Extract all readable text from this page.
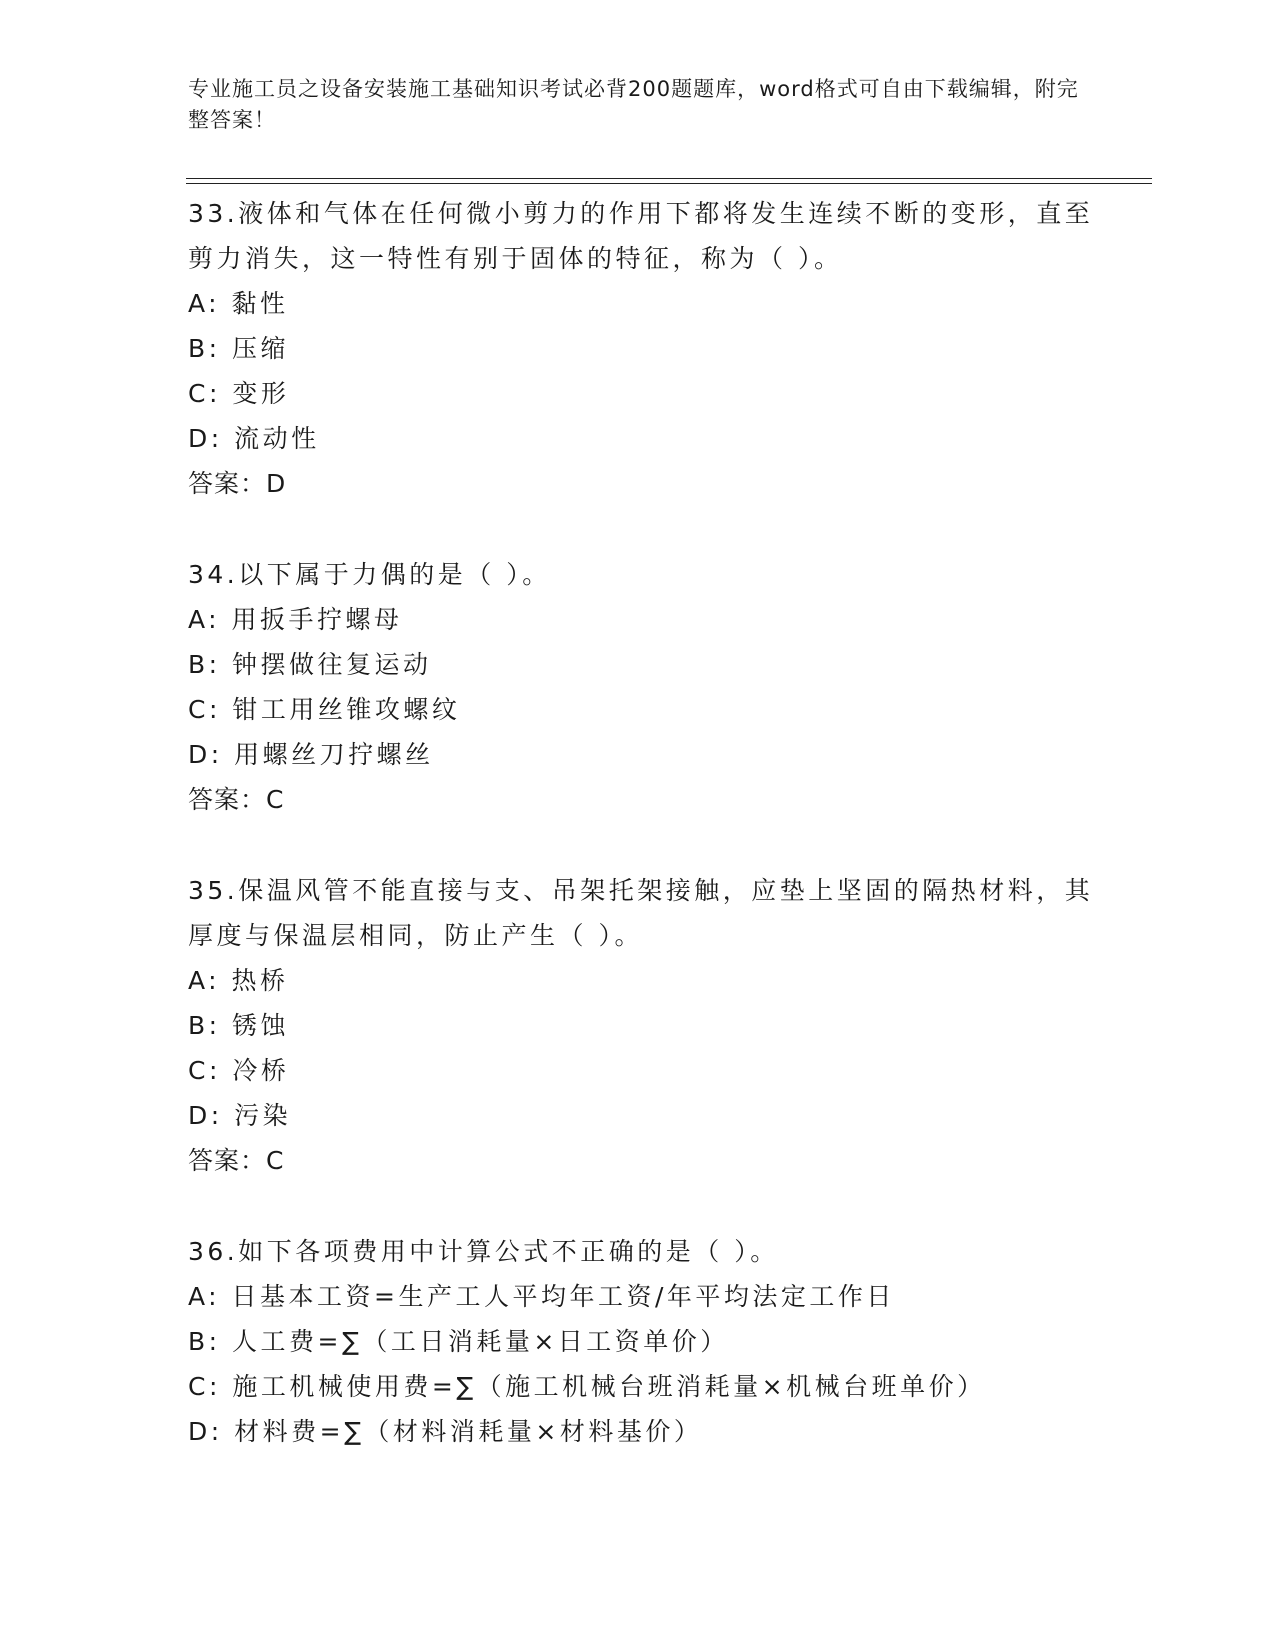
专业施工员之设备安装施工基础知识考试必背200题题库，word格式可自由下载编辑，附完整答案！

33.液体和气体在任何微小剪力的作用下都将发生连续不断的变形，直至剪力消失，这一特性有别于固体的特征，称为（ ）。

A: 黏性

B: 压缩

C: 变形

D: 流动性

答案：D

34.以下属于力偶的是（ ）。

A: 用扳手拧螺母

B: 钟摆做往复运动

C: 钳工用丝锥攻螺纹

D: 用螺丝刀拧螺丝

答案：C

35.保温风管不能直接与支、吊架托架接触，应垫上坚固的隔热材料，其厚度与保温层相同，防止产生（ ）。

A: 热桥

B: 锈蚀

C: 冷桥

D: 污染

答案：C

36.如下各项费用中计算公式不正确的是（ ）。

A: 日基本工资=生产工人平均年工资/年平均法定工作日

B: 人工费=∑（工日消耗量×日工资单价）

C: 施工机械使用费=∑（施工机械台班消耗量×机械台班单价）

D: 材料费=∑（材料消耗量×材料基价）
